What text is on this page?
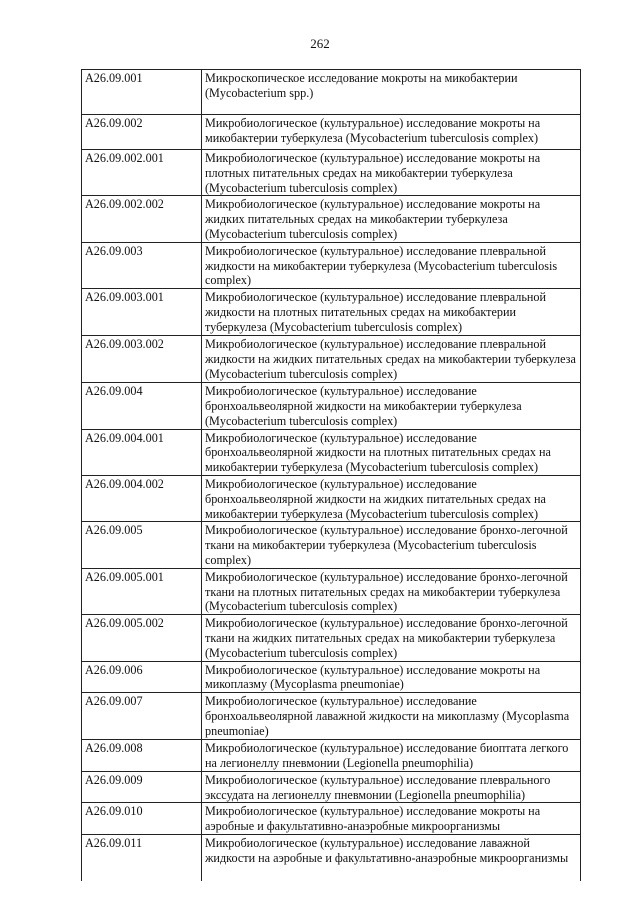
262
A26.09.001	Микроскопическое исследование мокроты на микобактерии (Mycobacterium spp.)
A26.09.002	Микробиологическое (культуральное) исследование мокроты на микобактерии туберкулеза (Mycobacterium tuberculosis complex)
A26.09.002.001	Микробиологическое (культуральное) исследование мокроты на плотных питательных средах на микобактерии туберкулеза (Mycobacterium tuberculosis complex)
A26.09.002.002	Микробиологическое (культуральное) исследование мокроты на жидких питательных средах на микобактерии туберкулеза (Mycobacterium tuberculosis complex)
A26.09.003	Микробиологическое (культуральное) исследование плевральной жидкости на микобактерии туберкулеза (Mycobacterium tuberculosis complex)
A26.09.003.001	Микробиологическое (культуральное) исследование плевральной жидкости на плотных питательных средах на микобактерии туберкулеза (Mycobacterium tuberculosis complex)
A26.09.003.002	Микробиологическое (культуральное) исследование плевральной жидкости на жидких питательных средах на микобактерии туберкулеза (Mycobacterium tuberculosis complex)
A26.09.004	Микробиологическое (культуральное) исследование бронхоальвеолярной жидкости на микобактерии туберкулеза (Mycobacterium tuberculosis complex)
A26.09.004.001	Микробиологическое (культуральное) исследование бронхоальвеолярной жидкости на плотных питательных средах на микобактерии туберкулеза (Mycobacterium tuberculosis complex)
A26.09.004.002	Микробиологическое (культуральное) исследование бронхоальвеолярной жидкости на жидких питательных средах на микобактерии туберкулеза (Mycobacterium tuberculosis complex)
A26.09.005	Микробиологическое (культуральное) исследование бронхо-легочной ткани на микобактерии туберкулеза (Mycobacterium tuberculosis complex)
A26.09.005.001	Микробиологическое (культуральное) исследование бронхо-легочной ткани на плотных питательных средах на микобактерии туберкулеза (Mycobacterium tuberculosis complex)
A26.09.005.002	Микробиологическое (культуральное) исследование бронхо-легочной ткани на жидких питательных средах на микобактерии туберкулеза (Mycobacterium tuberculosis complex)
A26.09.006	Микробиологическое (культуральное) исследование мокроты на микоплазму (Mycoplasma pneumoniae)
A26.09.007	Микробиологическое (культуральное) исследование бронхоальвеолярной лаважной жидкости на микоплазму (Mycoplasma pneumoniae)
A26.09.008	Микробиологическое (культуральное) исследование биоптата легкого на легионеллу пневмонии (Legionella pneumophilia)
A26.09.009	Микробиологическое (культуральное) исследование плеврального экссудата на легионеллу пневмонии (Legionella pneumophilia)
A26.09.010	Микробиологическое (культуральное) исследование мокроты на аэробные и факультативно-анаэробные микроорганизмы
A26.09.011	Микробиологическое (культуральное) исследование лаважной жидкости на аэробные и факультативно-анаэробные микроорганизмы
